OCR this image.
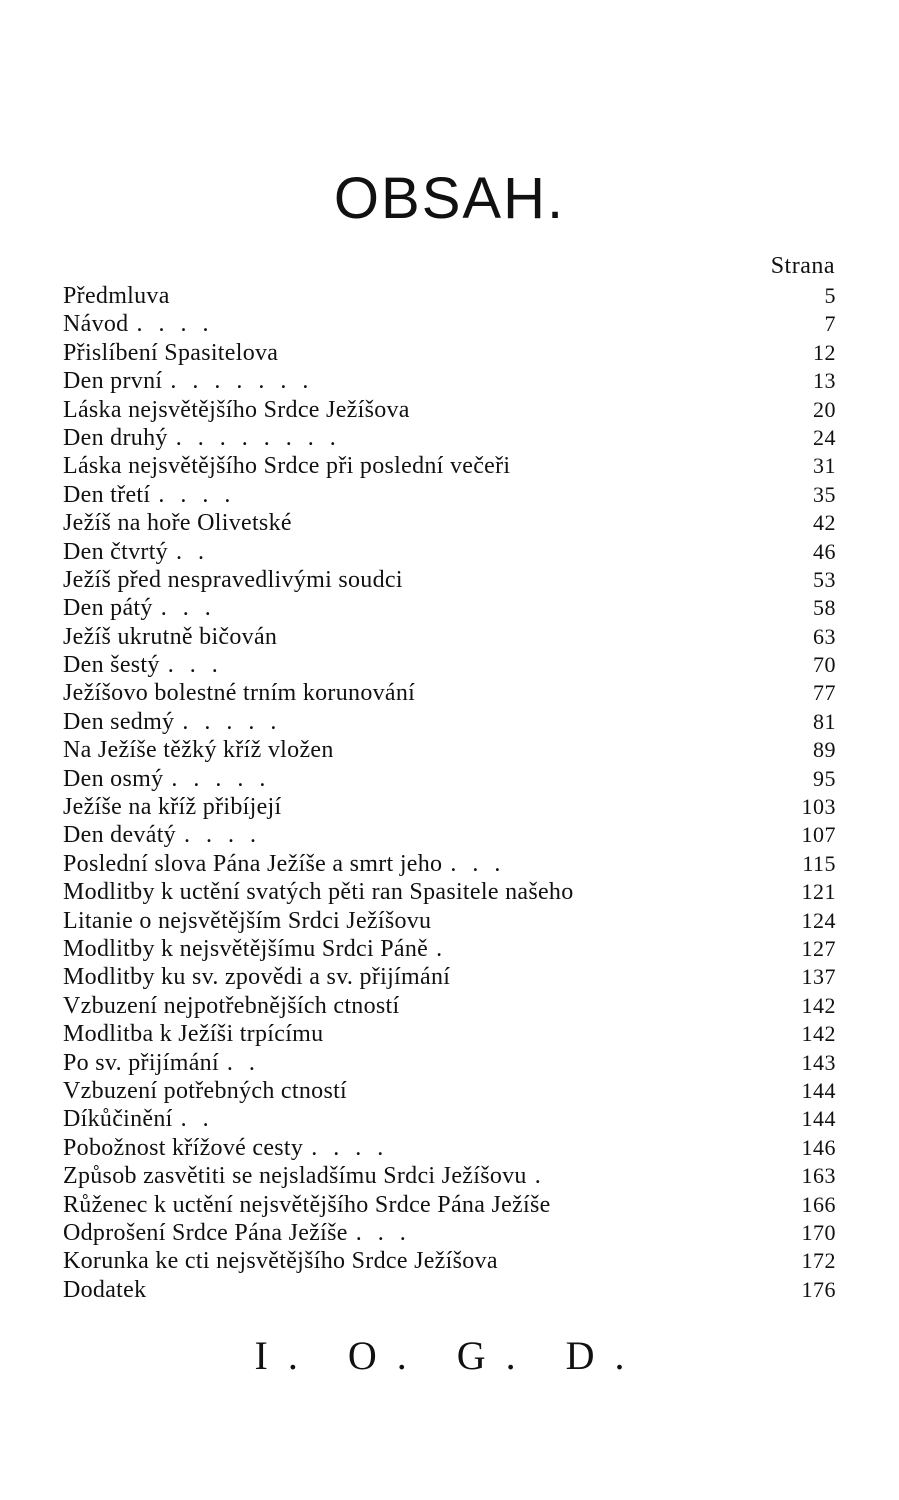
OBSAH.
Strana
Předmluva	5
Návod ....	7
Přislíbení Spasitelova	12
Den první .......	13
Láska nejsvětějšího Srdce Ježíšova	20
Den druhý ........	24
Láska nejsvětějšího Srdce při poslední večeři	31
Den třetí ....	35
Ježíš na hoře Olivetské	42
Den čtvrtý ..	46
Ježíš před nespravedlivými soudci	53
Den pátý ...	58
Ježíš ukrutně bičován	63
Den šestý ...	70
Ježíšovo bolestné trním korunování	77
Den sedmý .....	81
Na Ježíše těžký kříž vložen	89
Den osmý .....	95
Ježíše na kříž přibíjejí	103
Den devátý ....	107
Poslední slova Pána Ježíše a smrt jeho ...	115
Modlitby k uctění svatých pěti ran Spasitele našeho	121
Litanie o nejsvětějším Srdci Ježíšovu	124
Modlitby k nejsvětějšímu Srdci Páně .	127
Modlitby ku sv. zpovědi a sv. přijímání	137
Vzbuzení nejpotřebnějších ctností	142
Modlitba k Ježíši trpícímu	142
Po sv. přijímání ..	143
Vzbuzení potřebných ctností	144
Díkůčinění ..	144
Pobožnost křížové cesty ....	146
Způsob zasvětiti se nejsladšímu Srdci Ježíšovu .	163
Růženec k uctění nejsvětějšího Srdce Pána Ježíše	166
Odprošení Srdce Pána Ježíše ...	170
Korunka ke cti nejsvětějšího Srdce Ježíšova	172
Dodatek	176

I. O. G. D.
